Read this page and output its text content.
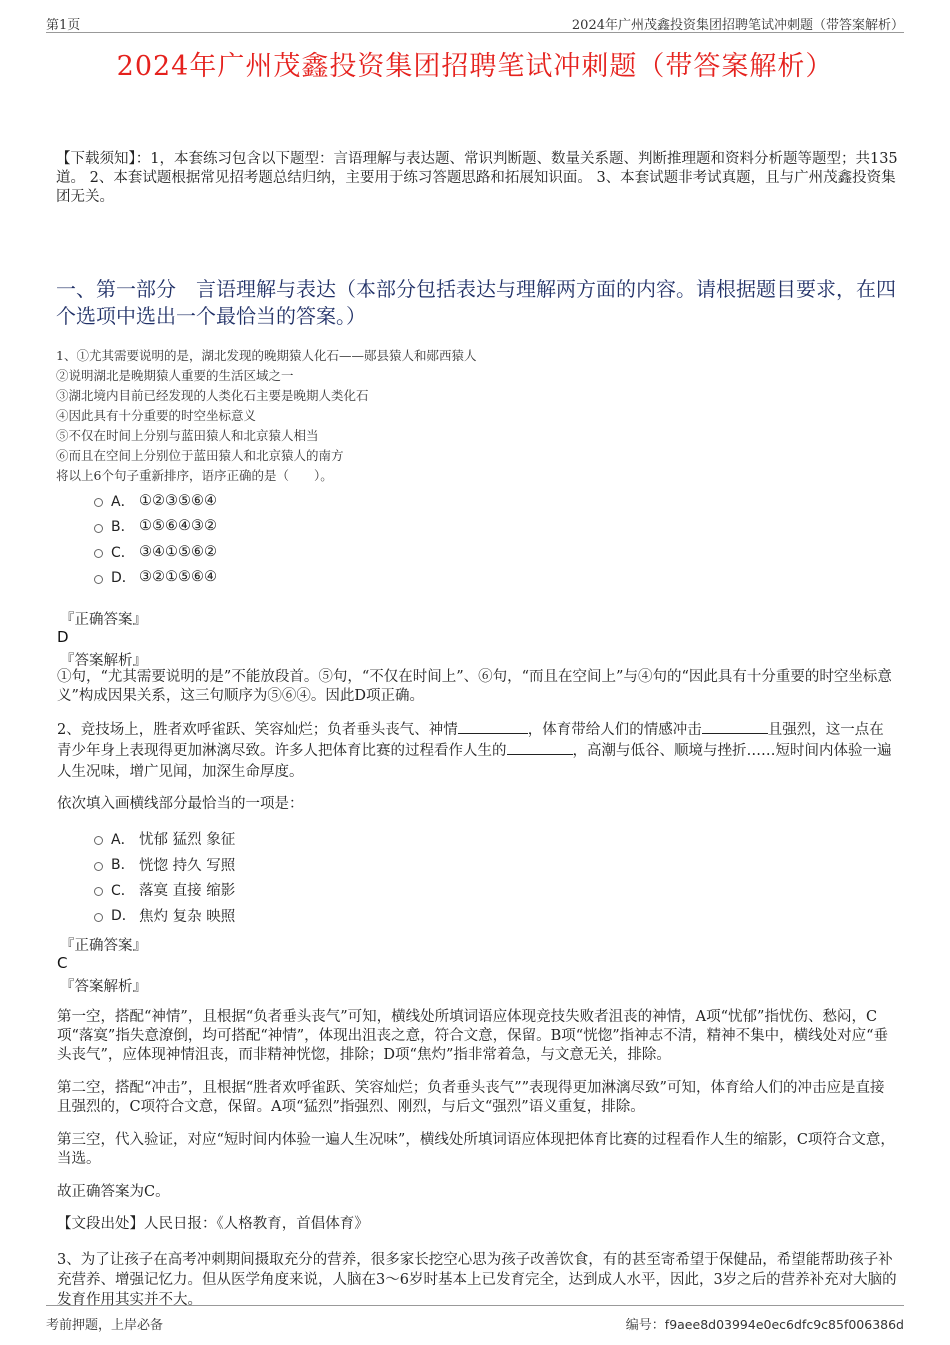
第1页	2024年广州茂鑫投资集团招聘笔试冲刺题（带答案解析）
2024年广州茂鑫投资集团招聘笔试冲刺题（带答案解析）
【下载须知】：1，本套练习包含以下题型：言语理解与表达题、常识判断题、数量关系题、判断推理题和资料分析题等题型；共135道。 2、本套试题根据常见招考题总结归纳，主要用于练习答题思路和拓展知识面。 3、本套试题非考试真题，且与广州茂鑫投资集团无关。
一、第一部分　言语理解与表达（本部分包括表达与理解两方面的内容。请根据题目要求，在四个选项中选出一个最恰当的答案。）
1、①尤其需要说明的是，湖北发现的晚期猿人化石——郧县猿人和郧西猿人
②说明湖北是晚期猿人重要的生活区域之一
③湖北境内目前已经发现的人类化石主要是晚期人类化石
④因此具有十分重要的时空坐标意义
⑤不仅在时间上分别与蓝田猿人和北京猿人相当
⑥而且在空间上分别位于蓝田猿人和北京猿人的南方
将以上6个句子重新排序，语序正确的是（　　）。
A． ①②③⑤⑥④
B． ①⑤⑥④③②
C． ③④①⑤⑥②
D． ③②①⑤⑥④
『正确答案』
D
『答案解析』
①句，“尤其需要说明的是”不能放段首。⑤句，“不仅在时间上”、⑥句，“而且在空间上”与④句的“因此具有十分重要的时空坐标意义”构成因果关系，这三句顺序为⑤⑥④。因此D项正确。
2、竞技场上，胜者欢呼雀跃、笑容灿烂；负者垂头丧气、神情	，体育带给人们的情感冲击	且强烈，这一点在青少年身上表现得更加淋漓尽致。许多人把体育比赛的过程看作人生的	，高潮与低谷、顺境与挫折……短时间内体验一遍人生况味，增广见闻，加深生命厚度。
依次填入画横线部分最恰当的一项是：
A． 忧郁 猛烈 象征
B． 恍惚 持久 写照
C． 落寞 直接 缩影
D． 焦灼 复杂 映照
『正确答案』
C
『答案解析』
第一空，搭配“神情”，且根据“负者垂头丧气”可知，横线处所填词语应体现竞技失败者沮丧的神情，A项“忧郁”指忧伤、愁闷，C项“落寞”指失意潦倒，均可搭配“神情”，体现出沮丧之意，符合文意，保留。B项“恍惚”指神志不清，精神不集中，横线处对应“垂头丧气”，应体现神情沮丧，而非精神恍惚，排除；D项“焦灼”指非常着急，与文意无关，排除。
第二空，搭配“冲击”，且根据“胜者欢呼雀跃、笑容灿烂；负者垂头丧气””表现得更加淋漓尽致”可知，体育给人们的冲击应是直接且强烈的，C项符合文意，保留。A项“猛烈”指强烈、刚烈，与后文“强烈”语义重复，排除。
第三空，代入验证，对应“短时间内体验一遍人生况味”，横线处所填词语应体现把体育比赛的过程看作人生的缩影，C项符合文意，当选。
故正确答案为C。
【文段出处】人民日报：《人格教育，首倡体育》
3、为了让孩子在高考冲刺期间摄取充分的营养，很多家长挖空心思为孩子改善饮食，有的甚至寄希望于保健品，希望能帮助孩子补充营养、增强记忆力。但从医学角度来说，人脑在3～6岁时基本上已发育完全，达到成人水平，因此，3岁之后的营养补充对大脑的发育作用其实并不大。
考前押题，上岸必备	编号：f9aee8d03994e0ec6dfc9c85f006386d
